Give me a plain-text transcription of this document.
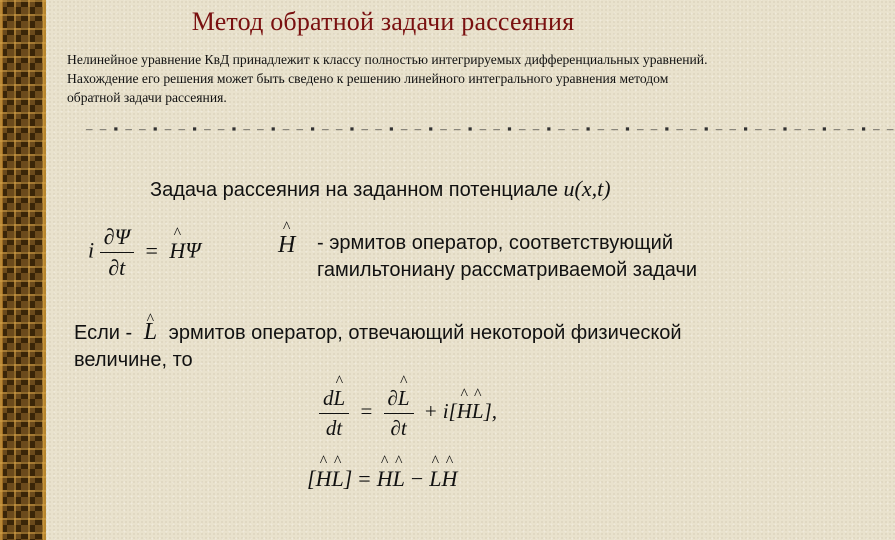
Метод обратной задачи рассеяния
Нелинейное уравнение КвД принадлежит к классу полностью интегрируемых дифференциальных уравнений. Нахождение его решения может быть сведено к решению линейного интегрального уравнения методом обратной задачи рассеяния.
– – ▪ – – ▪ – – ▪ – – ▪ – – ▪ – – ▪ – – ▪ – – ▪ – – ▪ – – ▪ – – ▪ – – ▪ – – ▪ – – ▪ – – ▪ – – ▪ – – ▪ – – ▪ – – ▪ – – ▪ – –
Задача рассеяния на заданном потенциале u(x,t)
i $\frac{\partial\Psi}{\partial t}$ = ^ HΨ	^ H - эрмитов оператор, соответствующий гамильтониану рассматриваемой задачи
Если - ^ L эрмитов оператор, отвечающий некоторой физической величине, то
$\frac{d\^{} L}{dt} = \frac{\partial\^{} L}{\partial t}$ + i[^ H^ L],
[^ H^ L] = ^ H^ L − ^ L^ H
